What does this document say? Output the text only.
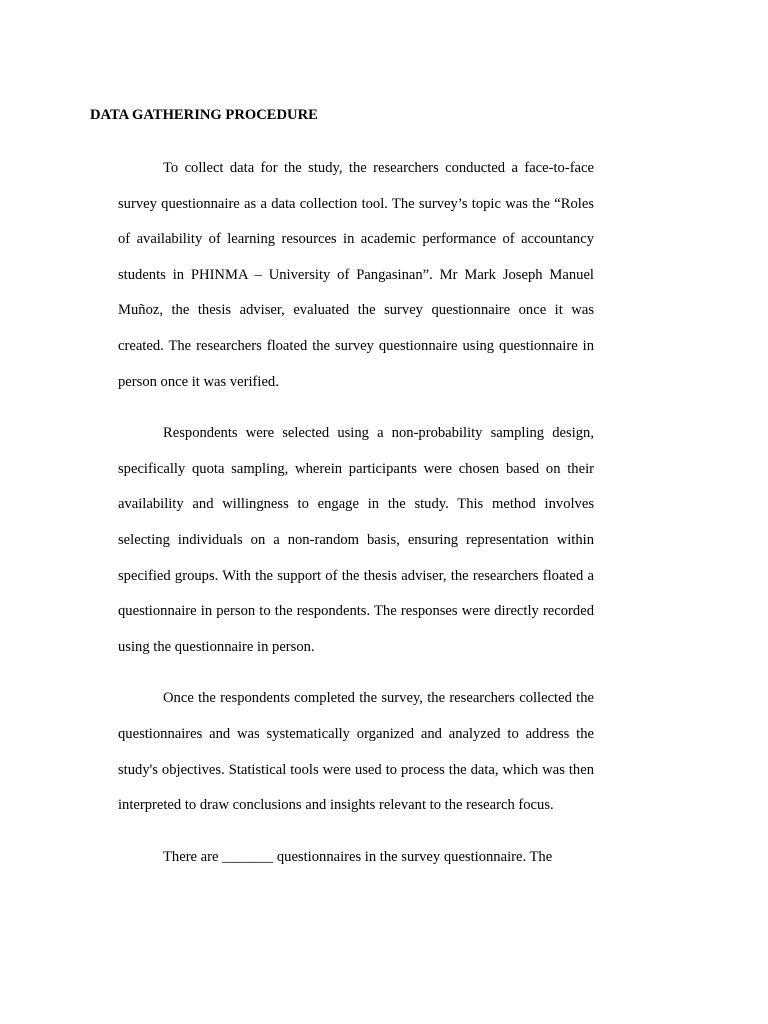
DATA GATHERING PROCEDURE

To collect data for the study, the researchers conducted a face-to-face survey questionnaire as a data collection tool. The survey’s topic was the “Roles of availability of learning resources in academic performance of accountancy students in PHINMA – University of Pangasinan”. Mr Mark Joseph Manuel Muñoz, the thesis adviser, evaluated the survey questionnaire once it was created. The researchers floated the survey questionnaire using questionnaire in person once it was verified.

Respondents were selected using a non-probability sampling design, specifically quota sampling, wherein participants were chosen based on their availability and willingness to engage in the study. This method involves selecting individuals on a non-random basis, ensuring representation within specified groups. With the support of the thesis adviser, the researchers floated a questionnaire in person to the respondents. The responses were directly recorded using the questionnaire in person.

Once the respondents completed the survey, the researchers collected the questionnaires and was systematically organized and analyzed to address the study's objectives. Statistical tools were used to process the data, which was then interpreted to draw conclusions and insights relevant to the research focus.

There are _______ questionnaires in the survey questionnaire. The
